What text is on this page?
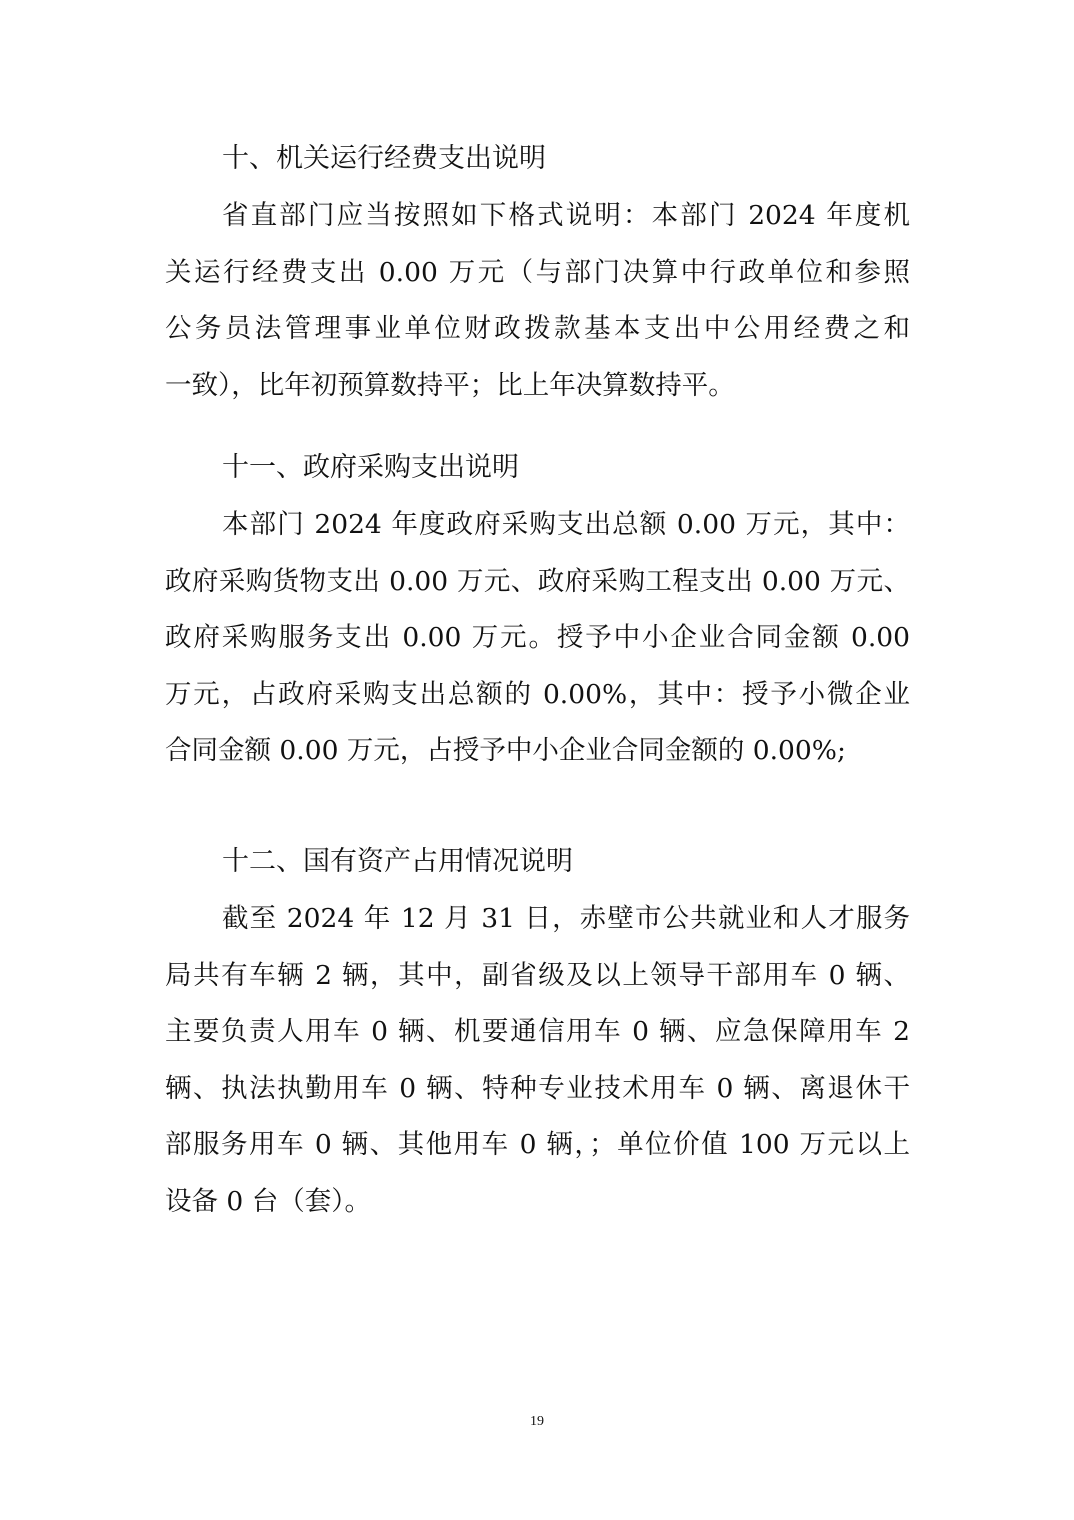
十、机关运行经费支出说明
省直部门应当按照如下格式说明：本部门 2024 年度机
关运行经费支出 0.00 万元（与部门决算中行政单位和参照
公务员法管理事业单位财政拨款基本支出中公用经费之和
一致），比年初预算数持平；比上年决算数持平。
十一、政府采购支出说明
本部门 2024 年度政府采购支出总额 0.00 万元，其中：
政府采购货物支出 0.00 万元、政府采购工程支出 0.00 万元、
政府采购服务支出 0.00 万元。授予中小企业合同金额 0.00
万元，占政府采购支出总额的 0.00%，其中：授予小微企业
合同金额 0.00 万元，占授予中小企业合同金额的 0.00%;
十二、国有资产占用情况说明
截至 2024 年 12 月 31 日，赤壁市公共就业和人才服务
局共有车辆 2 辆，其中，副省级及以上领导干部用车 0 辆、
主要负责人用车 0 辆、机要通信用车 0 辆、应急保障用车 2
辆、执法执勤用车 0 辆、特种专业技术用车 0 辆、离退休干
部服务用车 0 辆、其他用车 0 辆，；单位价值 100 万元以上
设备 0 台（套）。
19
